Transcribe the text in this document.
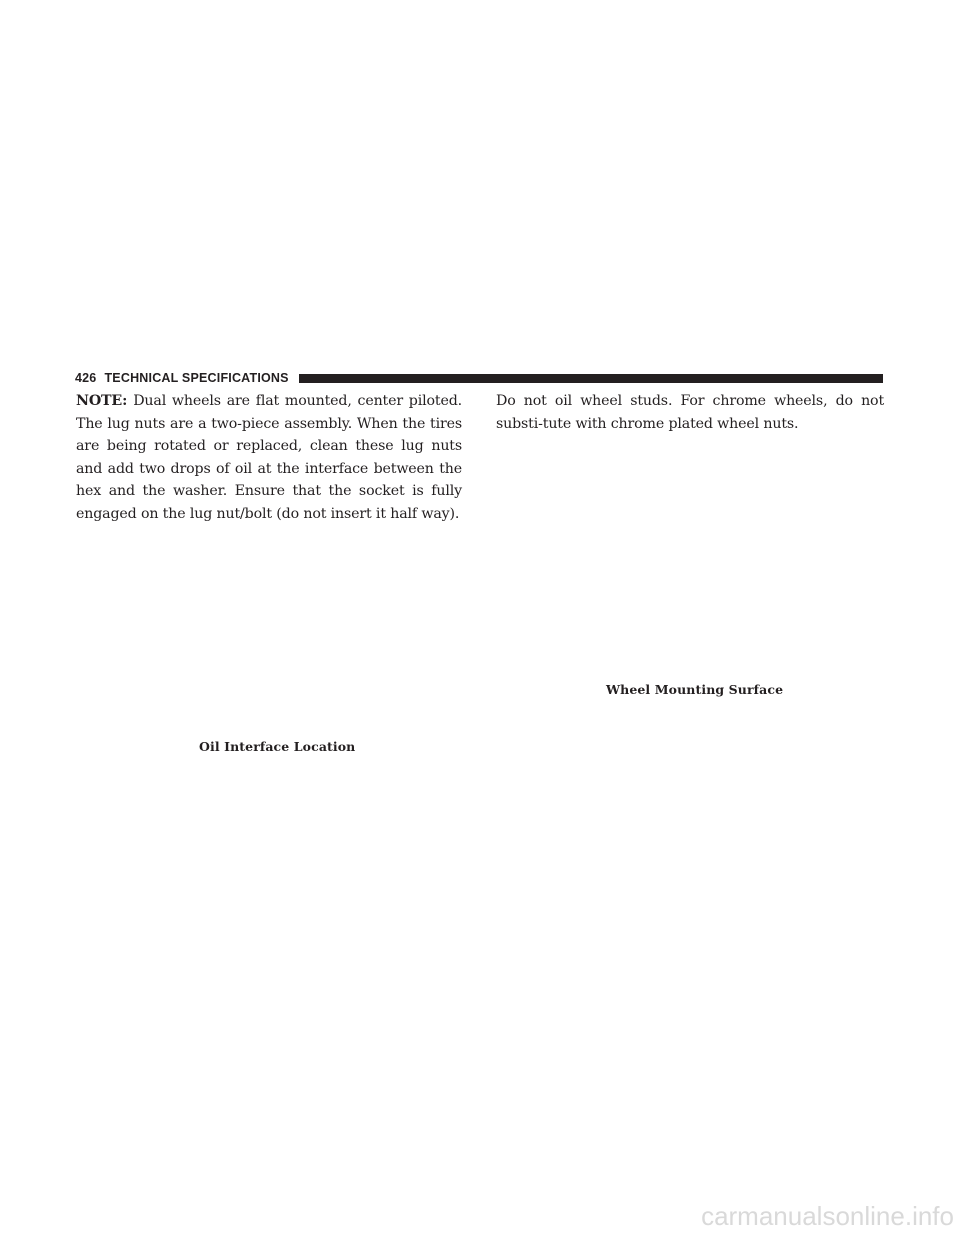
426 TECHNICAL SPECIFICATIONS

NOTE: Dual wheels are flat mounted, center piloted. The lug nuts are a two-piece assembly. When the tires are being rotated or replaced, clean these lug nuts and add two drops of oil at the interface between the hex and the washer. Ensure that the socket is fully engaged on the lug nut/bolt (do not insert it half way).

Do not oil wheel studs. For chrome wheels, do not substi-tute with chrome plated wheel nuts.

Wheel Mounting Surface
Oil Interface Location
carmanualsonline.info
